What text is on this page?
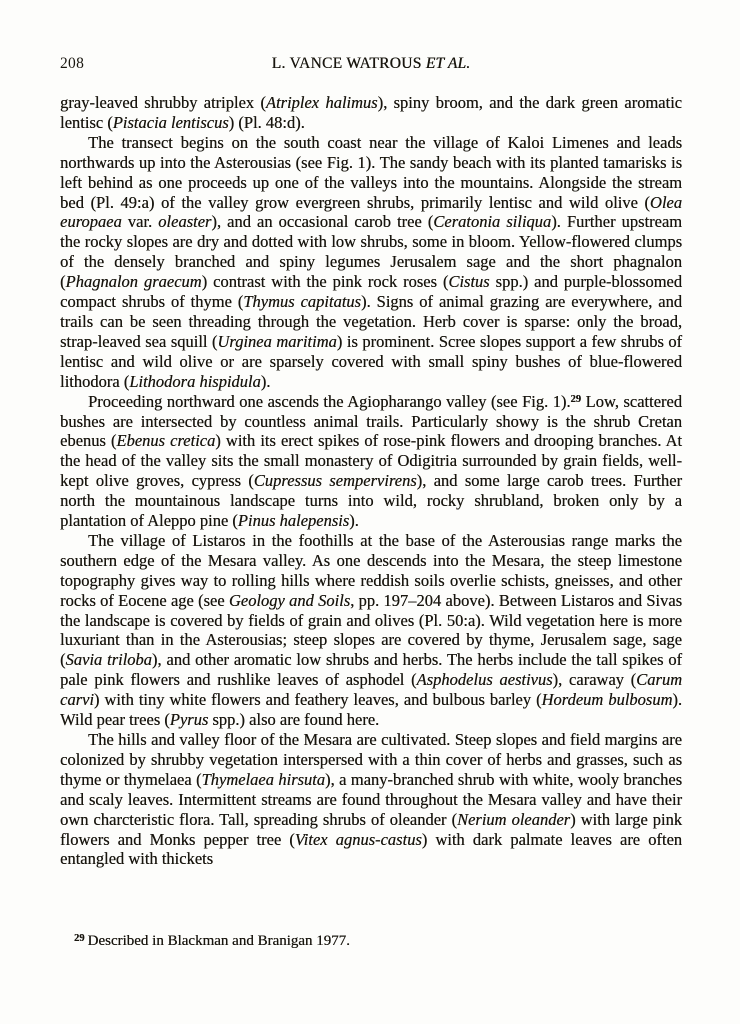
208	L. VANCE WATROUS ET AL.

gray-leaved shrubby atriplex (Atriplex halimus), spiny broom, and the dark green aromatic lentisc (Pistacia lentiscus) (Pl. 48:d).

The transect begins on the south coast near the village of Kaloi Limenes and leads northwards up into the Asterousias (see Fig. 1). The sandy beach with its planted tamarisks is left behind as one proceeds up one of the valleys into the mountains. Alongside the stream bed (Pl. 49:a) of the valley grow evergreen shrubs, primarily lentisc and wild olive (Olea europaea var. oleaster), and an occasional carob tree (Ceratonia siliqua). Further upstream the rocky slopes are dry and dotted with low shrubs, some in bloom. Yellow-flowered clumps of the densely branched and spiny legumes Jerusalem sage and the short phagnalon (Phagnalon graecum) contrast with the pink rock roses (Cistus spp.) and purple-blossomed compact shrubs of thyme (Thymus capitatus). Signs of animal grazing are everywhere, and trails can be seen threading through the vegetation. Herb cover is sparse: only the broad, strap-leaved sea squill (Urginea maritima) is prominent. Scree slopes support a few shrubs of lentisc and wild olive or are sparsely covered with small spiny bushes of blue-flowered lithodora (Lithodora hispidula).

Proceeding northward one ascends the Agiopharango valley (see Fig. 1).$^{29}$ Low, scattered bushes are intersected by countless animal trails. Particularly showy is the shrub Cretan ebenus (Ebenus cretica) with its erect spikes of rose-pink flowers and drooping branches. At the head of the valley sits the small monastery of Odigitria surrounded by grain fields, well-kept olive groves, cypress (Cupressus sempervirens), and some large carob trees. Further north the mountainous landscape turns into wild, rocky shrubland, broken only by a plantation of Aleppo pine (Pinus halepensis).

The village of Listaros in the foothills at the base of the Asterousias range marks the southern edge of the Mesara valley. As one descends into the Mesara, the steep limestone topography gives way to rolling hills where reddish soils overlie schists, gneisses, and other rocks of Eocene age (see Geology and Soils, pp. 197–204 above). Between Listaros and Sivas the landscape is covered by fields of grain and olives (Pl. 50:a). Wild vegetation here is more luxuriant than in the Asterousias; steep slopes are covered by thyme, Jerusalem sage, sage (Savia triloba), and other aromatic low shrubs and herbs. The herbs include the tall spikes of pale pink flowers and rushlike leaves of asphodel (Asphodelus aestivus), caraway (Carum carvi) with tiny white flowers and feathery leaves, and bulbous barley (Hordeum bulbosum). Wild pear trees (Pyrus spp.) also are found here.

The hills and valley floor of the Mesara are cultivated. Steep slopes and field margins are colonized by shrubby vegetation interspersed with a thin cover of herbs and grasses, such as thyme or thymelaea (Thymelaea hirsuta), a many-branched shrub with white, wooly branches and scaly leaves. Intermittent streams are found throughout the Mesara valley and have their own charcteristic flora. Tall, spreading shrubs of oleander (Nerium oleander) with large pink flowers and Monks pepper tree (Vitex agnus-castus) with dark palmate leaves are often entangled with thickets

$^{29}$ Described in Blackman and Branigan 1977.
